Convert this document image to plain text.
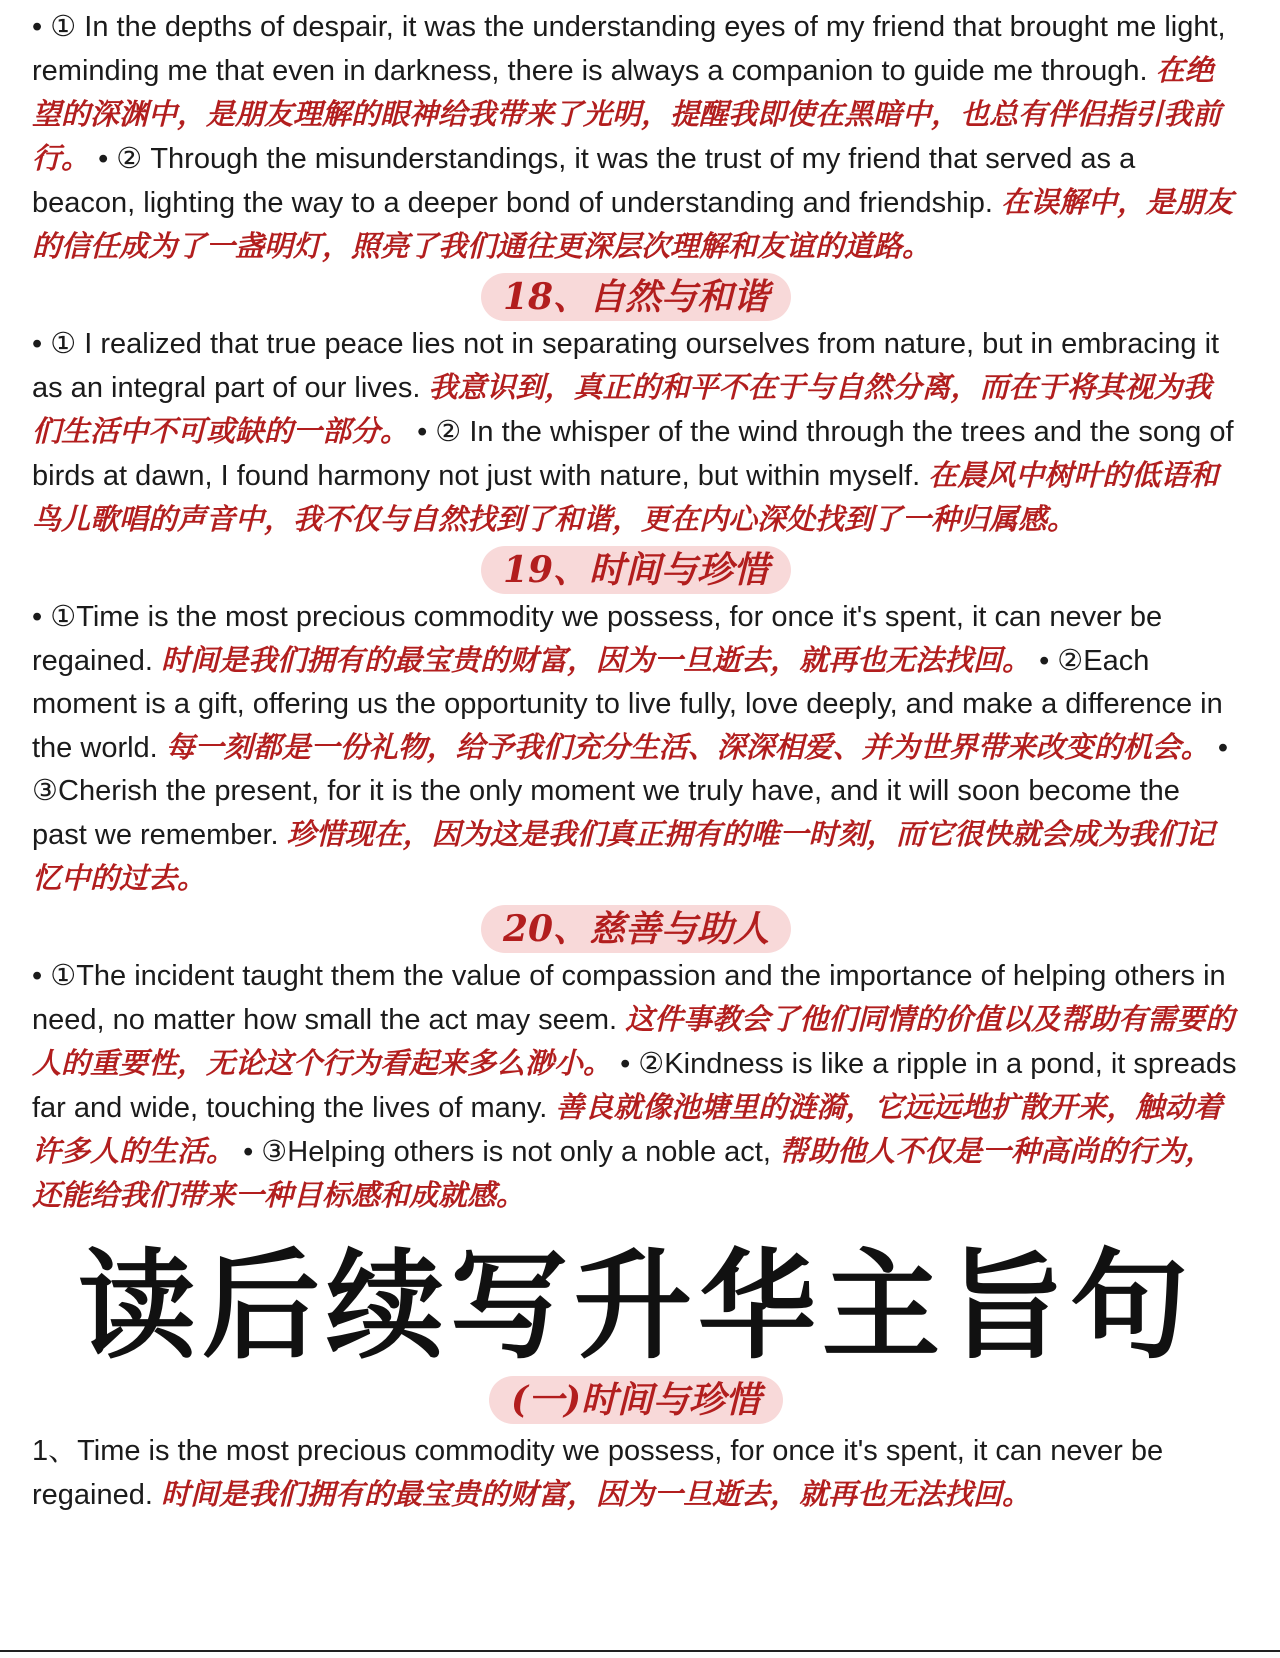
• ① In the depths of despair, it was the understanding eyes of my friend that brought me light, reminding me that even in darkness, there is always a companion to guide me through. 在绝望的深渊中，是朋友理解的眼神给我带来了光明，提醒我即使在黑暗中，也总有伴侣指引我前行。 • ② Through the misunderstandings, it was the trust of my friend that served as a beacon, lighting the way to a deeper bond of understanding and friendship. 在误解中，是朋友的信任成为了一盏明灯，照亮了我们通往更深层次理解和友谊的道路。

18、自然与和谐

• ① I realized that true peace lies not in separating ourselves from nature, but in embracing it as an integral part of our lives. 我意识到，真正的和平不在于与自然分离，而在于将其视为我们生活中不可或缺的一部分。 • ② In the whisper of the wind through the trees and the song of birds at dawn, I found harmony not just with nature, but within myself. 在晨风中树叶的低语和鸟儿歌唱的声音中，我不仅与自然找到了和谐，更在内心深处找到了一种归属感。

19、时间与珍惜

• ①Time is the most precious commodity we possess, for once it's spent, it can never be regained. 时间是我们拥有的最宝贵的财富，因为一旦逝去，就再也无法找回。 • ②Each moment is a gift, offering us the opportunity to live fully, love deeply, and make a difference in the world. 每一刻都是一份礼物，给予我们充分生活、深深相爱、并为世界带来改变的机会。 • ③Cherish the present, for it is the only moment we truly have, and it will soon become the past we remember. 珍惜现在，因为这是我们真正拥有的唯一时刻，而它很快就会成为我们记忆中的过去。

20、慈善与助人

• ①The incident taught them the value of compassion and the importance of helping others in need, no matter how small the act may seem. 这件事教会了他们同情的价值以及帮助有需要的人的重要性，无论这个行为看起来多么渺小。 • ②Kindness is like a ripple in a pond, it spreads far and wide, touching the lives of many. 善良就像池塘里的涟漪，它远远地扩散开来，触动着许多人的生活。 • ③Helping others is not only a noble act, 帮助他人不仅是一种高尚的行为，还能给我们带来一种目标感和成就感。

读后续写升华主旨句
(一)时间与珍惜

1、Time is the most precious commodity we possess, for once it's spent, it can never be regained. 时间是我们拥有的最宝贵的财富，因为一旦逝去，就再也无法找回。
